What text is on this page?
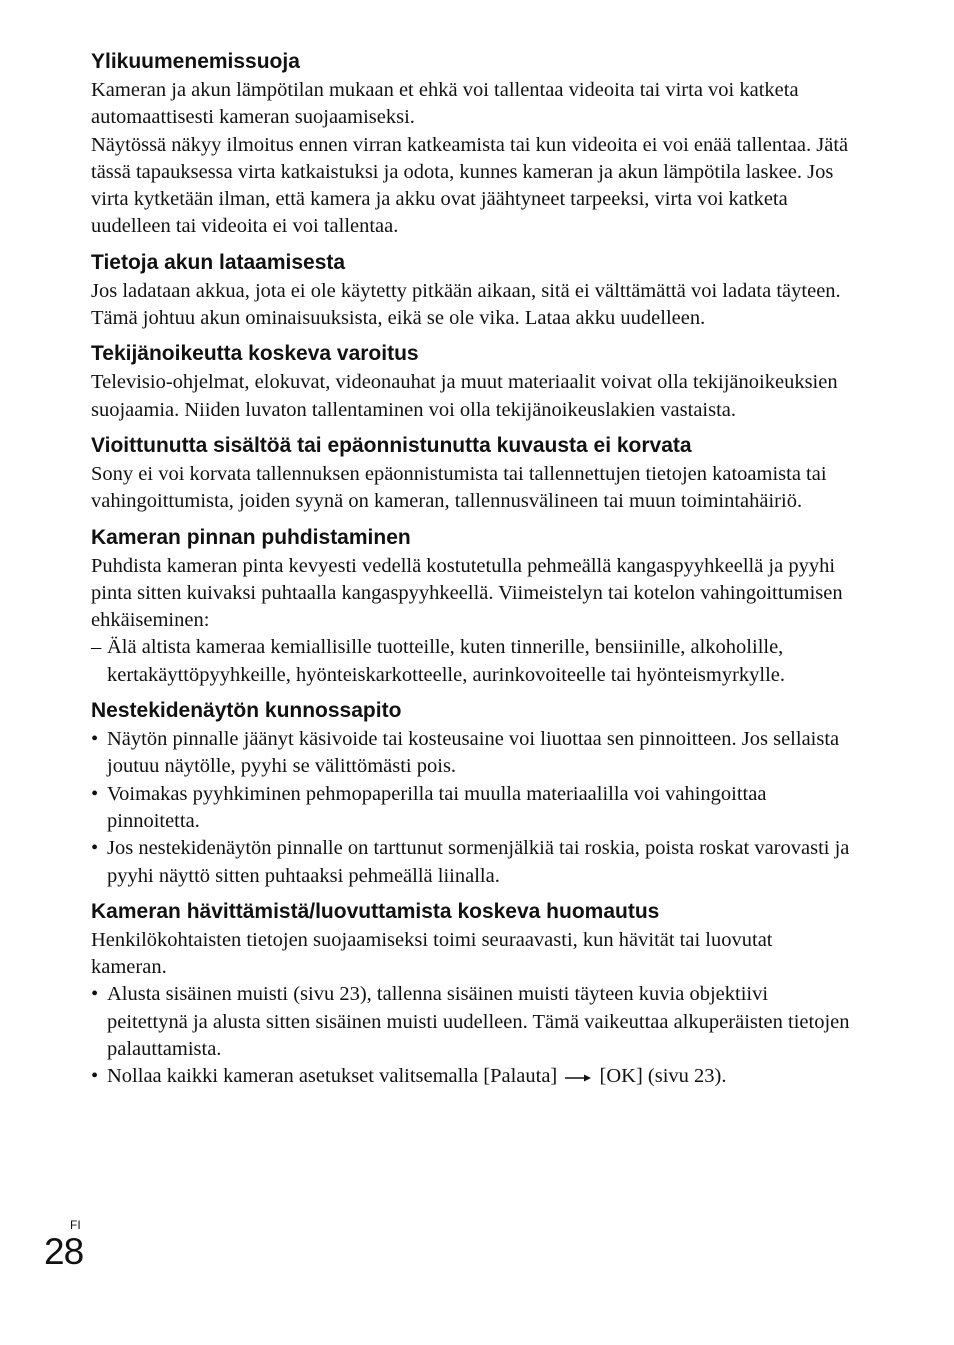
Ylikuumenemissuoja

Kameran ja akun lämpötilan mukaan et ehkä voi tallentaa videoita tai virta voi katketa automaattisesti kameran suojaamiseksi.

Näytössä näkyy ilmoitus ennen virran katkeamista tai kun videoita ei voi enää tallentaa. Jätä tässä tapauksessa virta katkaistuksi ja odota, kunnes kameran ja akun lämpötila laskee. Jos virta kytketään ilman, että kamera ja akku ovat jäähtyneet tarpeeksi, virta voi katketa uudelleen tai videoita ei voi tallentaa.

Tietoja akun lataamisesta

Jos ladataan akkua, jota ei ole käytetty pitkään aikaan, sitä ei välttämättä voi ladata täyteen.

Tämä johtuu akun ominaisuuksista, eikä se ole vika. Lataa akku uudelleen.

Tekijänoikeutta koskeva varoitus

Televisio-ohjelmat, elokuvat, videonauhat ja muut materiaalit voivat olla tekijänoikeuksien suojaamia. Niiden luvaton tallentaminen voi olla tekijänoikeuslakien vastaista.

Vioittunutta sisältöä tai epäonnistunutta kuvausta ei korvata

Sony ei voi korvata tallennuksen epäonnistumista tai tallennettujen tietojen katoamista tai vahingoittumista, joiden syynä on kameran, tallennusvälineen tai muun toimintahäiriö.

Kameran pinnan puhdistaminen

Puhdista kameran pinta kevyesti vedellä kostutetulla pehmeällä kangaspyyhkeellä ja pyyhi pinta sitten kuivaksi puhtaalla kangaspyyhkeellä. Viimeistelyn tai kotelon vahingoittumisen ehkäiseminen:

– Älä altista kameraa kemiallisille tuotteille, kuten tinnerille, bensiinille, alkoholille, kertakäyttöpyyhkeille, hyönteiskarkotteelle, aurinkovoiteelle tai hyönteismyrkylle.
Nestekidenäytön kunnossapito
• Näytön pinnalle jäänyt käsivoide tai kosteusaine voi liuottaa sen pinnoitteen. Jos sellaista joutuu näytölle, pyyhi se välittömästi pois.
• Voimakas pyyhkiminen pehmopaperilla tai muulla materiaalilla voi vahingoittaa pinnoitetta.
• Jos nestekidenäytön pinnalle on tarttunut sormenjälkiä tai roskia, poista roskat varovasti ja pyyhi näyttö sitten puhtaaksi pehmeällä liinalla.
Kameran hävittämistä/luovuttamista koskeva huomautus

Henkilökohtaisten tietojen suojaamiseksi toimi seuraavasti, kun hävität tai luovutat kameran.

• Alusta sisäinen muisti (sivu 23), tallenna sisäinen muisti täyteen kuvia objektiivi peitettynä ja alusta sitten sisäinen muisti uudelleen. Tämä vaikeuttaa alkuperäisten tietojen palauttamista.
• Nollaa kaikki kameran asetukset valitsemalla [Palauta] [OK] (sivu 23).
FI
28
